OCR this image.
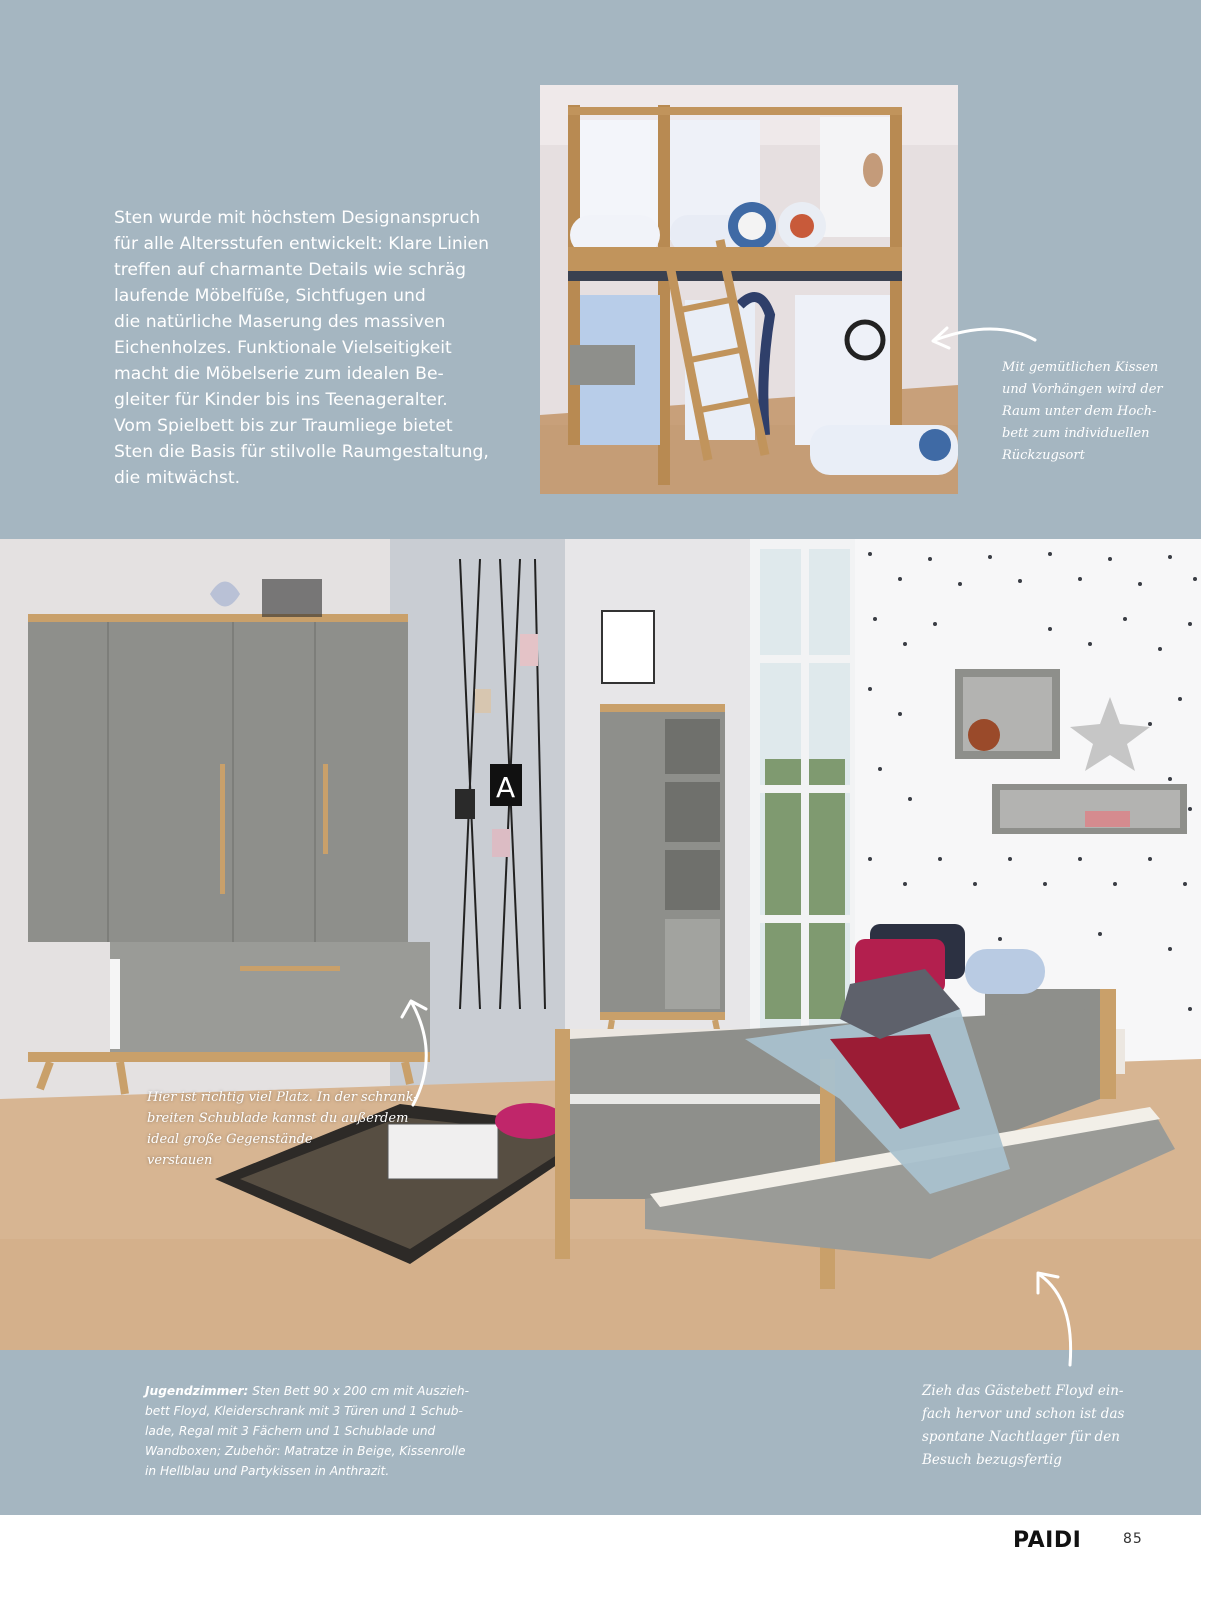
Sten wurde mit höchstem Designanspruch
für alle Altersstufen entwickelt: Klare Linien
treffen auf charmante Details wie schräg
laufende Möbelfüße, Sichtfugen und
die natürliche Maserung des massiven
Eichenholzes. Funktionale Vielseitigkeit
macht die Möbelserie zum idealen Be-
gleiter für Kinder bis ins Teenageralter.
Vom Spielbett bis zur Traumliege bietet
Sten die Basis für stilvolle Raumgestaltung,
die mitwächst.

Mit gemütlichen Kissen
und Vorhängen wird der
Raum unter dem Hoch-
bett zum individuellen
Rückzugsort
A
Hier ist richtig viel Platz. In der schrank-
breiten Schublade kannst du außerdem
ideal große Gegenstände
verstauen
Jugendzimmer: Sten Bett 90 x 200 cm mit Auszieh-
bett Floyd, Kleiderschrank mit 3 Türen und 1 Schub-
lade, Regal mit 3 Fächern und 1 Schublade und
Wandboxen; Zubehör: Matratze in Beige, Kissenrolle
in Hellblau und Partykissen in Anthrazit.
Zieh das Gästebett Floyd ein-
fach hervor und schon ist das
spontane Nachtlager für den
Besuch bezugsfertig
PAIDI	85
